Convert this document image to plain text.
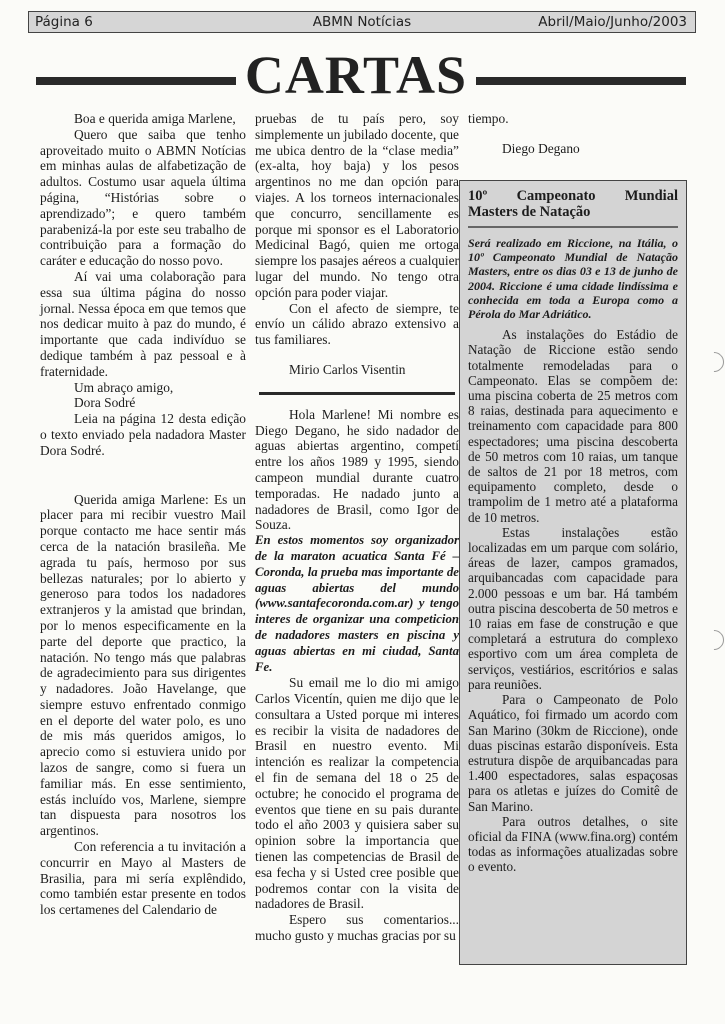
Página 6	ABMN Notícias	Abril/Maio/Junho/2003
CARTAS

Boa e querida amiga Marlene,

Quero que saiba que tenho aproveitado muito o ABMN Notícias em minhas aulas de alfabetização de adultos. Costumo usar aquela última página, “Histórias sobre o aprendizado”; e quero também parabenizá-la por este seu trabalho de contribuição para a formação do caráter e educação do nosso povo.

Aí vai uma colaboração para essa sua última página do nosso jornal. Nessa época em que temos que nos dedicar muito à paz do mundo, é importante que cada indivíduo se dedique também à paz pessoal e à fraternidade.

Um abraço amigo,

Dora Sodré

Leia na página 12 desta edição o texto enviado pela nadadora Master Dora Sodré.

Querida amiga Marlene: Es un placer para mi recibir vuestro Mail porque contacto me hace sentir más cerca de la natación brasileña. Me agrada tu país, hermoso por sus bellezas naturales; por lo abierto y generoso para todos los nadadores extranjeros y la amistad que brindan, por lo menos especificamente en la parte del deporte que practico, la natación. No tengo más que palabras de agradecimiento para sus dirigentes y nadadores. João Havelange, que siempre estuvo enfrentado conmigo en el deporte del water polo, es uno de mis más queridos amigos, lo aprecio como si estuviera unido por lazos de sangre, como si fuera un familiar más. En esse sentimiento, estás incluído vos, Marlene, siempre tan dispuesta para nosotros los argentinos.

Con referencia a tu invitación a concurrir en Mayo al Masters de Brasilia, para mi sería explêndido, como también estar presente en todos los certamenes del Calendario de

pruebas de tu país pero, soy simplemente un jubilado docente, que me ubica dentro de la “clase media” (ex-alta, hoy baja) y los pesos argentinos no me dan opción para viajes. A los torneos internacionales que concurro, sencillamente es porque mi sponsor es el Laboratorio Medicinal Bagó, quien me ortoga siempre los pasajes aéreos a cualquier lugar del mundo. No tengo otra opción para poder viajar.

Con el afecto de siempre, te envío un cálido abrazo extensivo a tus familiares.

Mirio Carlos Visentin

Hola Marlene! Mi nombre es Diego Degano, he sido nadador de aguas abiertas argentino, competí entre los años 1989 y 1995, siendo campeon mundial durante cuatro temporadas. He nadado junto a nadadores de Brasil, como Igor de Souza.

En estos momentos soy organizador de la maraton acuatica Santa Fé – Coronda, la prueba mas importante de aguas abiertas del mundo (www.santafecoronda.com.ar) y tengo interes de organizar una competicion de nadadores masters en piscina y aguas abiertas en mi ciudad, Santa Fe.

Su email me lo dio mi amigo Carlos Vicentín, quien me dijo que le consultara a Usted porque mi interes es recibir la visita de nadadores de Brasil en nuestro evento. Mi intención es realizar la competencia el fin de semana del 18 o 25 de octubre; he conocido el programa de eventos que tiene en su pais durante todo el año 2003 y quisiera saber su opinion sobre la importancia que tienen las competencias de Brasil de esa fecha y si Usted cree posible que podremos contar con la visita de nadadores de Brasil.

Espero sus comentarios... mucho gusto y muchas gracias por su

tiempo.

Diego Degano

10º Campeonato Mundial Masters de Natação

Será realizado em Riccione, na Itália, o 10º Campeonato Mundial de Natação Masters, entre os dias 03 e 13 de junho de 2004. Riccione é uma cidade lindíssima e conhecida em toda a Europa como a Pérola do Mar Adriático.

As instalações do Estádio de Natação de Riccione estão sendo totalmente remodeladas para o Campeonato. Elas se compõem de: uma piscina coberta de 25 metros com 8 raias, destinada para aquecimento e treinamento com capacidade para 800 espectadores; uma piscina descoberta de 50 metros com 10 raias, um tanque de saltos de 21 por 18 metros, com equipamento completo, desde o trampolim de 1 metro até a plataforma de 10 metros.

Estas instalações estão localizadas em um parque com solário, áreas de lazer, campos gramados, arquibancadas com capacidade para 2.000 pessoas e um bar. Há também outra piscina descoberta de 50 metros e 10 raias em fase de construção e que completará a estrutura do complexo esportivo com um área completa de serviços, vestiários, escritórios e salas para reuniões.

Para o Campeonato de Polo Aquático, foi firmado um acordo com San Marino (30km de Riccione), onde duas piscinas estarão disponíveis. Esta estrutura dispõe de arquibancadas para 1.400 espectadores, salas espaçosas para os atletas e juízes do Comitê de San Marino.

Para outros detalhes, o site oficial da FINA (www.fina.org) contém todas as informações atualizadas sobre o evento.
